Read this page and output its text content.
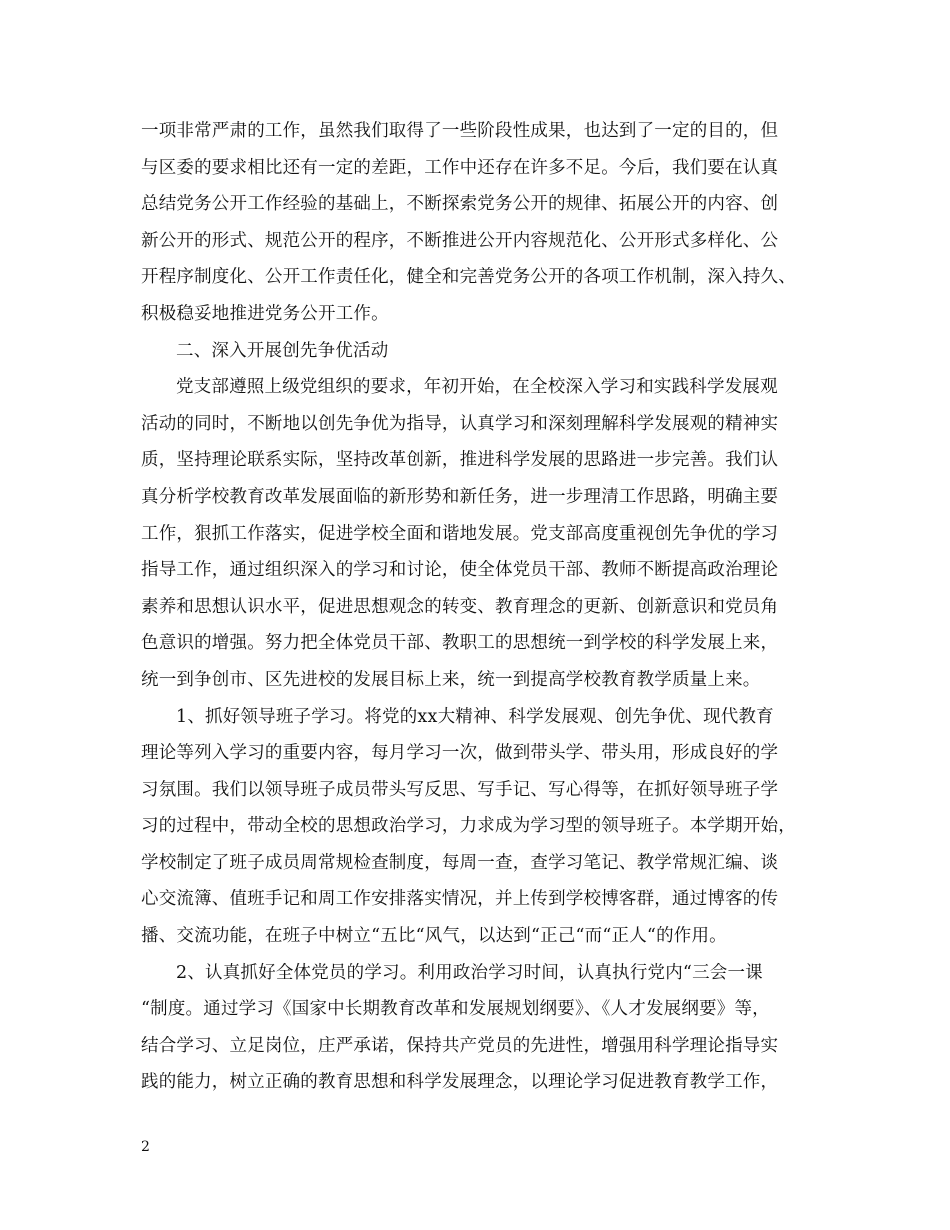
一项非常严肃的工作，虽然我们取得了一些阶段性成果，也达到了一定的目的，但
与区委的要求相比还有一定的差距，工作中还存在许多不足。今后，我们要在认真
总结党务公开工作经验的基础上，不断探索党务公开的规律、拓展公开的内容、创
新公开的形式、规范公开的程序，不断推进公开内容规范化、公开形式多样化、公
开程序制度化、公开工作责任化，健全和完善党务公开的各项工作机制，深入持久、
积极稳妥地推进党务公开工作。
二、深入开展创先争优活动
党支部遵照上级党组织的要求，年初开始，在全校深入学习和实践科学发展观
活动的同时，不断地以创先争优为指导，认真学习和深刻理解科学发展观的精神实
质，坚持理论联系实际，坚持改革创新，推进科学发展的思路进一步完善。我们认
真分析学校教育改革发展面临的新形势和新任务，进一步理清工作思路，明确主要
工作，狠抓工作落实，促进学校全面和谐地发展。党支部高度重视创先争优的学习
指导工作，通过组织深入的学习和讨论，使全体党员干部、教师不断提高政治理论
素养和思想认识水平，促进思想观念的转变、教育理念的更新、创新意识和党员角
色意识的增强。努力把全体党员干部、教职工的思想统一到学校的科学发展上来，
统一到争创市、区先进校的发展目标上来，统一到提高学校教育教学质量上来。
1、抓好领导班子学习。将党的xx大精神、科学发展观、创先争优、现代教育
理论等列入学习的重要内容，每月学习一次，做到带头学、带头用，形成良好的学
习氛围。我们以领导班子成员带头写反思、写手记、写心得等，在抓好领导班子学
习的过程中，带动全校的思想政治学习，力求成为学习型的领导班子。本学期开始，
学校制定了班子成员周常规检查制度，每周一查，查学习笔记、教学常规汇编、谈
心交流簿、值班手记和周工作安排落实情况，并上传到学校博客群，通过博客的传
播、交流功能，在班子中树立“五比“风气，以达到“正己“而“正人“的作用。
2、认真抓好全体党员的学习。利用政治学习时间，认真执行党内“三会一课
“制度。通过学习《国家中长期教育改革和发展规划纲要》、《人才发展纲要》等，
结合学习、立足岗位，庄严承诺，保持共产党员的先进性，增强用科学理论指导实
践的能力，树立正确的教育思想和科学发展理念，以理论学习促进教育教学工作，
2
